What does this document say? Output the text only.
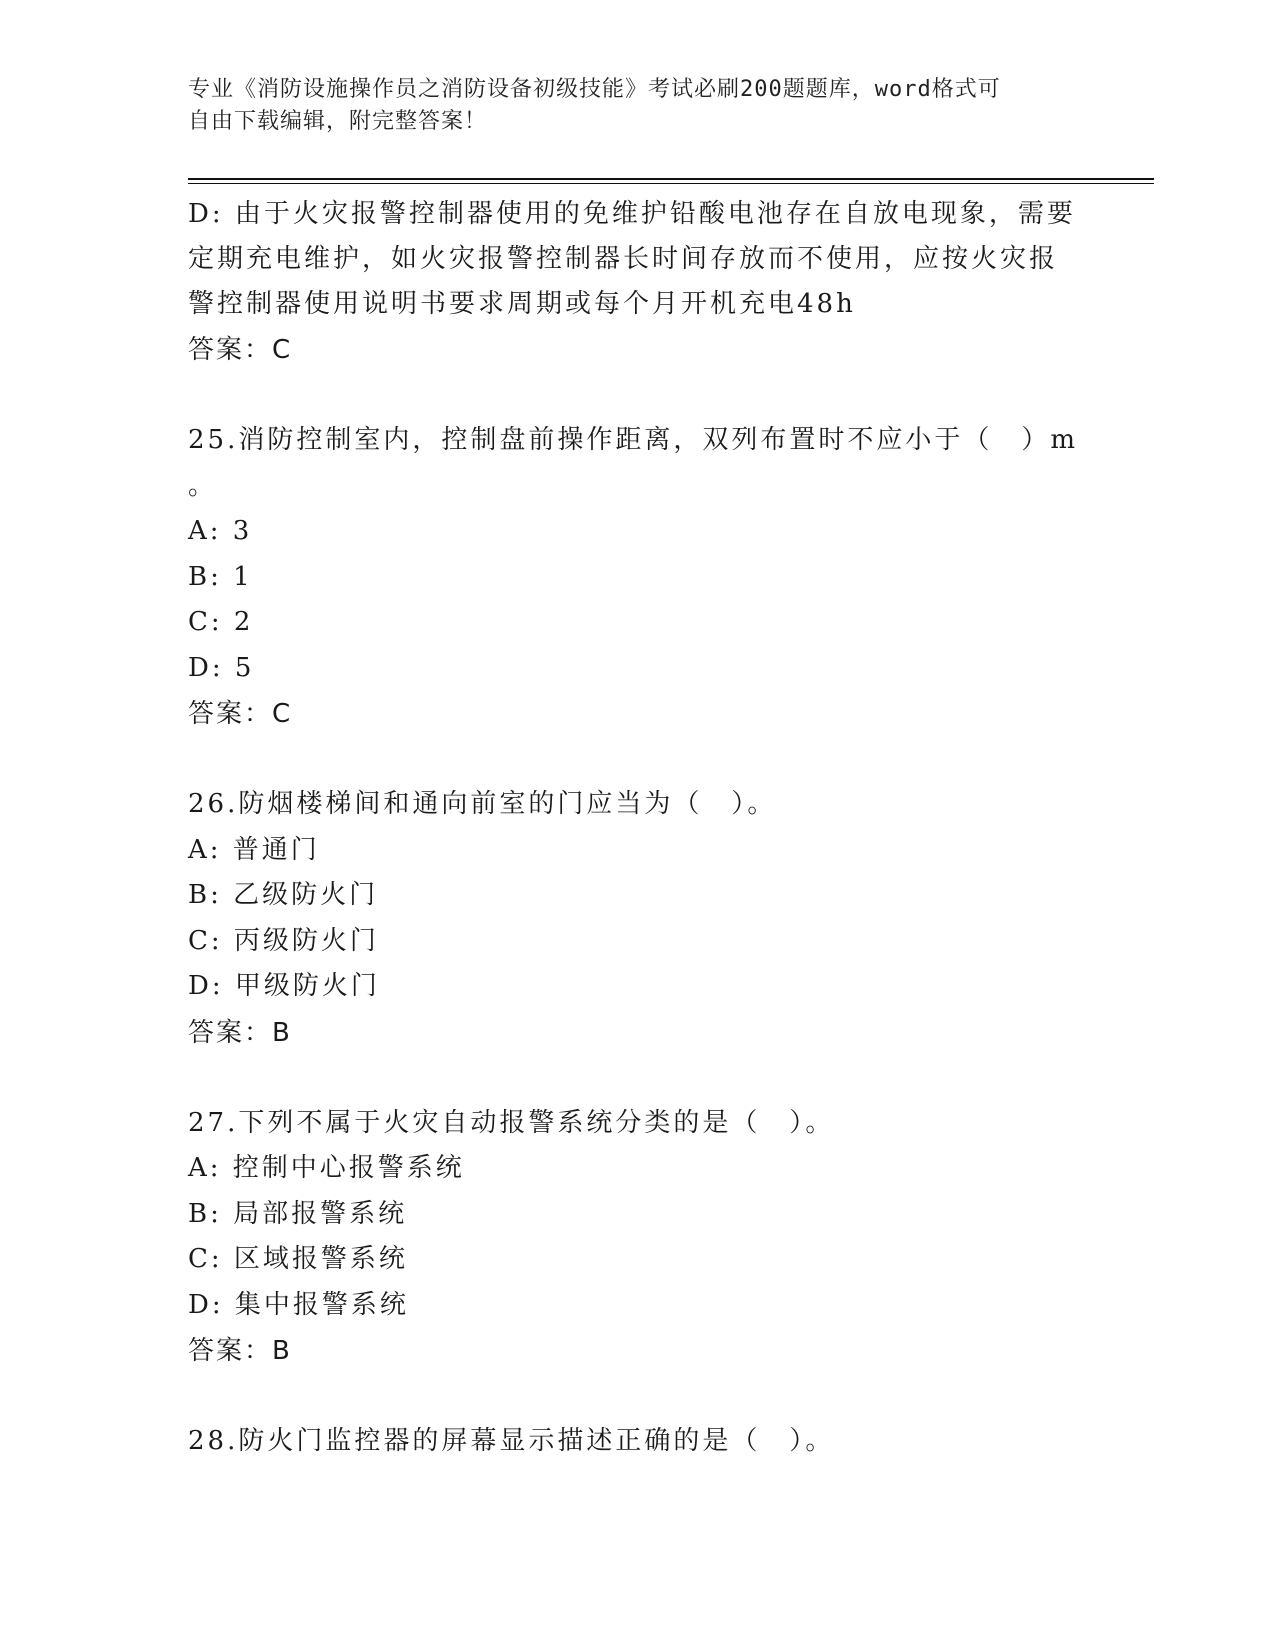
专业《消防设施操作员之消防设备初级技能》考试必刷200题题库，word格式可
自由下载编辑，附完整答案！
D: 由于火灾报警控制器使用的免维护铅酸电池存在自放电现象，需要
定期充电维护，如火灾报警控制器长时间存放而不使用，应按火灾报
警控制器使用说明书要求周期或每个月开机充电48h
答案：C
25.消防控制室内，控制盘前操作距离，双列布置时不应小于（　）m
。
A: 3
B: 1
C: 2
D: 5
答案：C
26.防烟楼梯间和通向前室的门应当为（　）。
A: 普通门
B: 乙级防火门
C: 丙级防火门
D: 甲级防火门
答案：B
27.下列不属于火灾自动报警系统分类的是（　）。
A: 控制中心报警系统
B: 局部报警系统
C: 区域报警系统
D: 集中报警系统
答案：B
28.防火门监控器的屏幕显示描述正确的是（　）。
